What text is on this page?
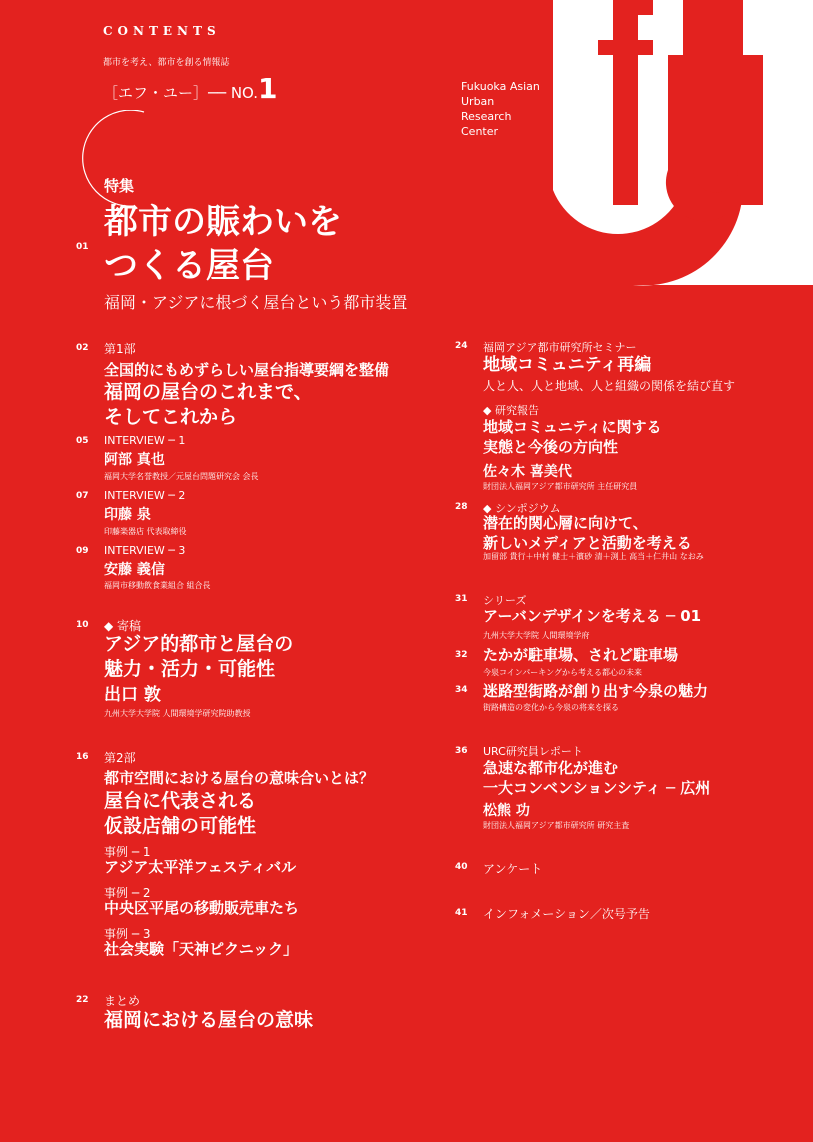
CONTENTS
都市を考え、都市を創る情報誌
［エフ・ユー］── NO.1	Fukuoka Asian
Urban
Research
Center
特集
01
都市の賑わいを
つくる屋台
福岡・アジアに根づく屋台という都市装置
02 第1部
全国的にもめずらしい屋台指導要綱を整備
福岡の屋台のこれまで、
そしてこれから
05 INTERVIEW ─ 1
阿部 真也
福岡大学名誉教授／元屋台問題研究会 会長
07 INTERVIEW ─ 2
印藤 泉
印藤楽器店 代表取締役
09 INTERVIEW ─ 3
安藤 義信
福岡市移動飲食業組合 組合長
10 ◆ 寄稿
アジア的都市と屋台の
魅力・活力・可能性
出口 敦
九州大学大学院 人間環境学研究院助教授
16 第2部
都市空間における屋台の意味合いとは？
屋台に代表される
仮設店舗の可能性
事例 ─ 1
アジア太平洋フェスティバル
事例 ─ 2
中央区平尾の移動販売車たち
事例 ─ 3
社会実験「天神ピクニック」
22 まとめ
福岡における屋台の意味
24 福岡アジア都市研究所セミナー
地域コミュニティ再編
人と人、人と地域、人と組織の関係を結び直す
◆ 研究報告
地域コミュニティに関する
実態と今後の方向性
佐々木 喜美代
財団法人福岡アジア都市研究所 主任研究員
28 ◆ シンポジウム
潜在的関心層に向けて、
新しいメディアと活動を考える
加留部 貴行＋中村 健士＋濱砂 清＋渕上 高当＋仁井山 なおみ
31 シリーズ
アーバンデザインを考える ─ 01
九州大学大学院 人間環境学府
32 たかが駐車場、されど駐車場
今泉コインパーキングから考える都心の未来
34 迷路型街路が創り出す今泉の魅力
街路構造の変化から今泉の将来を探る
36 URC研究員レポート
急速な都市化が進む
一大コンベンションシティ ─ 広州
松熊 功
財団法人福岡アジア都市研究所 研究主査
40 アンケート
41 インフォメーション／次号予告
